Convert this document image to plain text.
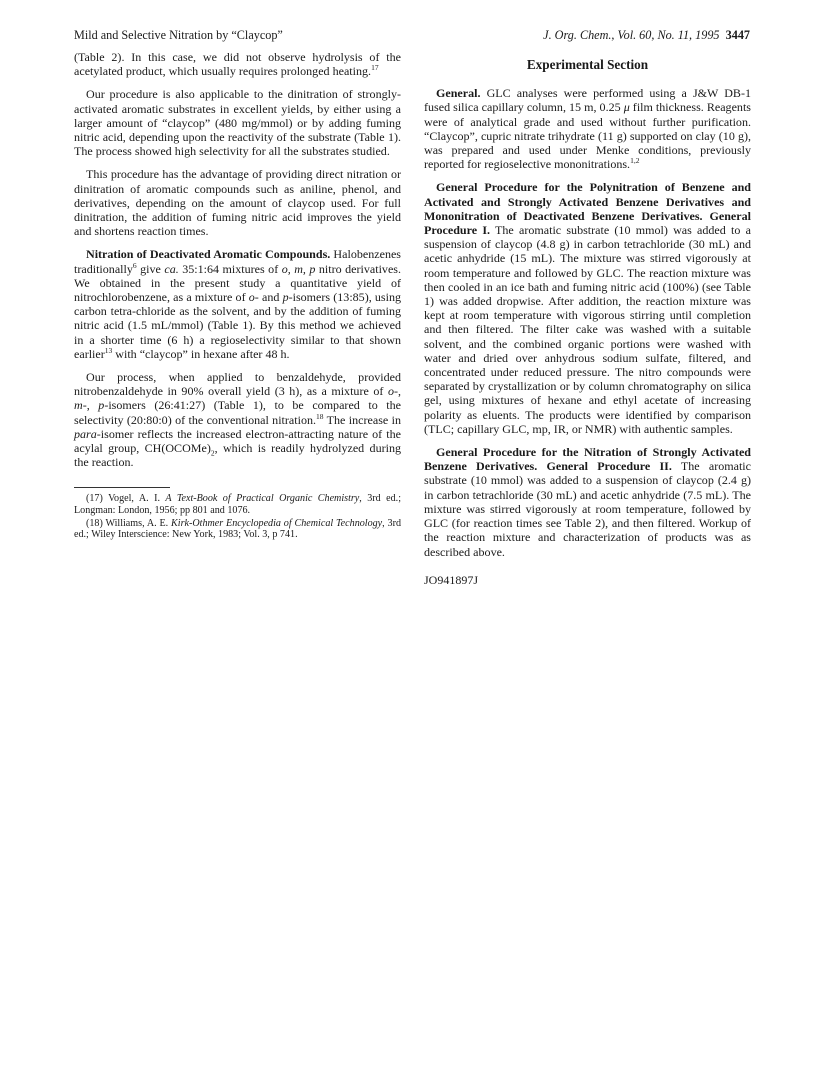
Mild and Selective Nitration by “Claycop”	J. Org. Chem., Vol. 60, No. 11, 1995 3447

(Table 2). In this case, we did not observe hydrolysis of the acetylated product, which usually requires prolonged heating.$^{17}$

Our procedure is also applicable to the dinitration of strongly-activated aromatic substrates in excellent yields, by either using a larger amount of “claycop” (480 mg/mmol) or by adding fuming nitric acid, depending upon the reactivity of the substrate (Table 1). The process showed high selectivity for all the substrates studied.

This procedure has the advantage of providing direct nitration or dinitration of aromatic compounds such as aniline, phenol, and derivatives, depending on the amount of claycop used. For full dinitration, the addition of fuming nitric acid improves the yield and shortens reaction times.

Nitration of Deactivated Aromatic Compounds. Halobenzenes traditionally$^6$ give ca. 35:1:64 mixtures of o, m, p nitro derivatives. We obtained in the present study a quantitative yield of nitrochlorobenzene, as a mixture of o- and p-isomers (13:85), using carbon tetra-chloride as the solvent, and by the addition of fuming nitric acid (1.5 mL/mmol) (Table 1). By this method we achieved in a shorter time (6 h) a regioselectivity similar to that shown earlier$^{13}$ with “claycop” in hexane after 48 h.

Our process, when applied to benzaldehyde, provided nitrobenzaldehyde in 90% overall yield (3 h), as a mixture of o-, m-, p-isomers (26:41:27) (Table 1), to be compared to the selectivity (20:80:0) of the conventional nitration.$^{18}$ The increase in para-isomer reflects the increased electron-attracting nature of the acylal group, $CH(OCOMe)_2$, which is readily hydrolyzed during the reaction.

(17) Vogel, A. I. A Text-Book of Practical Organic Chemistry, 3rd ed.; Longman: London, 1956; pp 801 and 1076.

(18) Williams, A. E. Kirk-Othmer Encyclopedia of Chemical Technology, 3rd ed.; Wiley Interscience: New York, 1983; Vol. 3, p 741.

Experimental Section

General. GLC analyses were performed using a J&W DB-1 fused silica capillary column, 15 m, 0.25 μ film thickness. Reagents were of analytical grade and used without further purification. “Claycop”, cupric nitrate trihydrate (11 g) supported on clay (10 g), was prepared and used under Menke conditions, previously reported for regioselective mononitrations.$^{1,2}$

General Procedure for the Polynitration of Benzene and Activated and Strongly Activated Benzene Derivatives and Mononitration of Deactivated Benzene Derivatives. General Procedure I. The aromatic substrate (10 mmol) was added to a suspension of claycop (4.8 g) in carbon tetrachloride (30 mL) and acetic anhydride (15 mL). The mixture was stirred vigorously at room temperature and followed by GLC. The reaction mixture was then cooled in an ice bath and fuming nitric acid (100%) (see Table 1) was added dropwise. After addition, the reaction mixture was kept at room temperature with vigorous stirring until completion and then filtered. The filter cake was washed with a suitable solvent, and the combined organic portions were washed with water and dried over anhydrous sodium sulfate, filtered, and concentrated under reduced pressure. The nitro compounds were separated by crystallization or by column chromatography on silica gel, using mixtures of hexane and ethyl acetate of increasing polarity as eluents. The products were identified by comparison (TLC; capillary GLC, mp, IR, or NMR) with authentic samples.

General Procedure for the Nitration of Strongly Activated Benzene Derivatives. General Procedure II. The aromatic substrate (10 mmol) was added to a suspension of claycop (2.4 g) in carbon tetrachloride (30 mL) and acetic anhydride (7.5 mL). The mixture was stirred vigorously at room temperature, followed by GLC (for reaction times see Table 2), and then filtered. Workup of the reaction mixture and characterization of products was as described above.

JO941897J
